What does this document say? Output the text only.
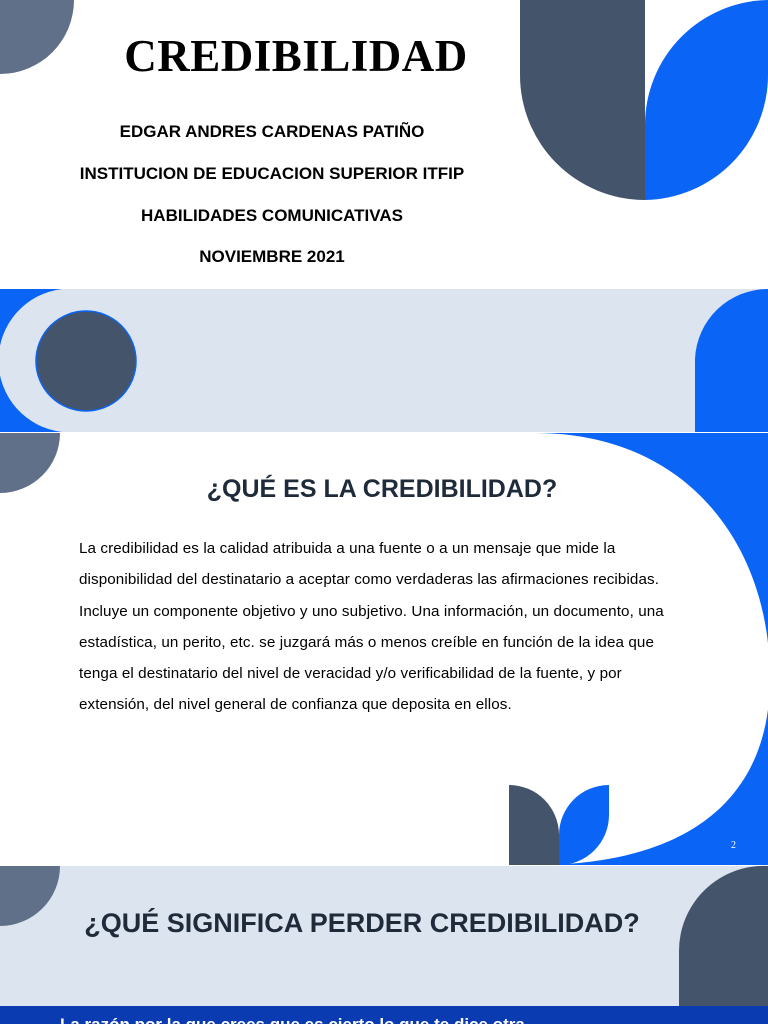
CREDIBILIDAD

EDGAR ANDRES CARDENAS PATIÑO

INSTITUCION DE EDUCACION SUPERIOR ITFIP

HABILIDADES COMUNICATIVAS

NOVIEMBRE 2021

¿QUÉ ES LA CREDIBILIDAD?

La credibilidad es la calidad atribuida a una fuente o a un mensaje que mide la disponibilidad del destinatario a aceptar como verdaderas las afirmaciones recibidas. Incluye un componente objetivo y uno subjetivo. Una información, un documento, una estadística, un perito, etc. se juzgará más o menos creíble en función de la idea que tenga el destinatario del nivel de veracidad y/o verificabilidad de la fuente, y por extensión, del nivel general de confianza que deposita en ellos.

2
¿QUÉ SIGNIFICA PERDER CREDIBILIDAD?

La razón por la que crees que es cierto lo que te dice otra
